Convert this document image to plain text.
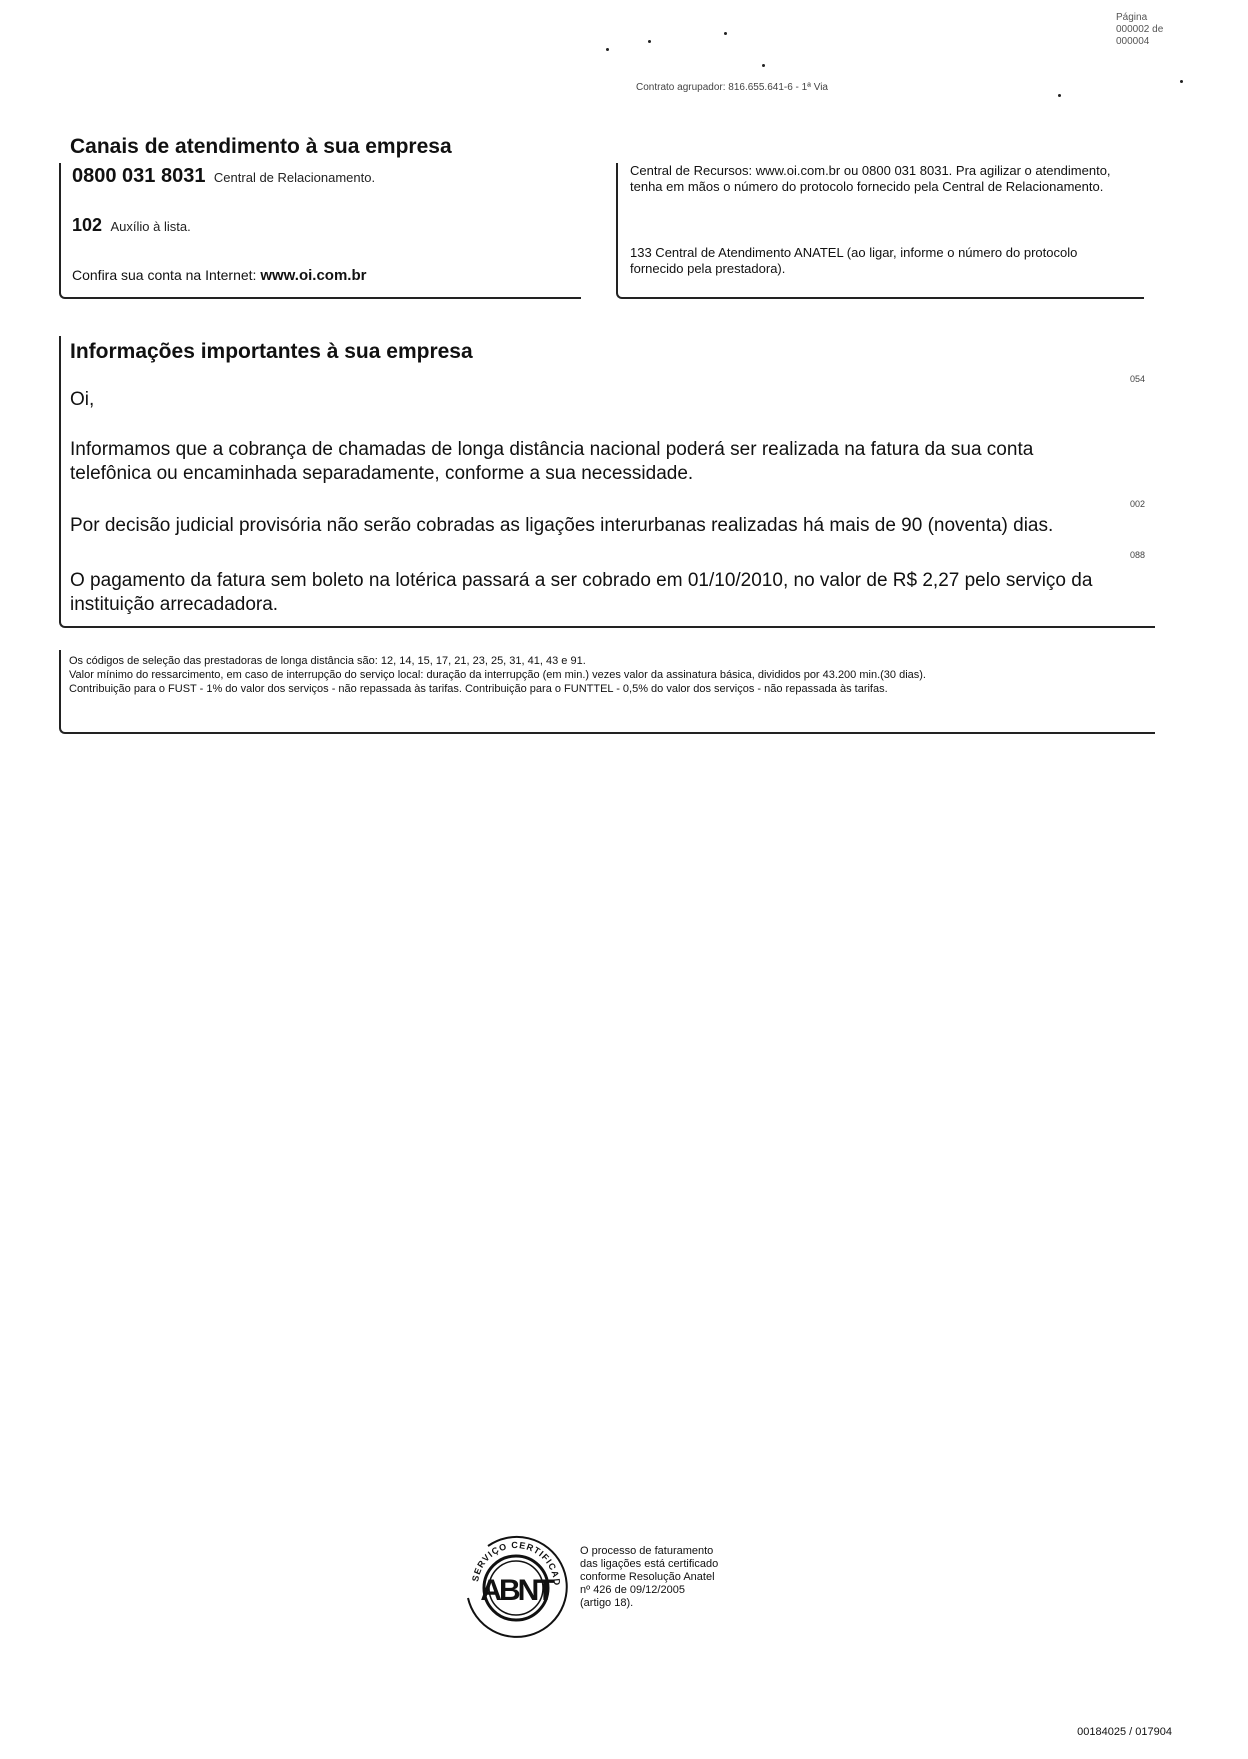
Página
000002 de
000004
Contrato agrupador: 816.655.641-6 - 1ª Via
Canais de atendimento à sua empresa
0800 031 8031 Central de Relacionamento.
102 Auxílio à lista.
Confira sua conta na Internet: www.oi.com.br

Central de Recursos: www.oi.com.br ou 0800 031 8031. Pra agilizar o atendimento, tenha em mãos o número do protocolo fornecido pela Central de Relacionamento.

133 Central de Atendimento ANATEL (ao ligar, informe o número do protocolo fornecido pela prestadora).

Informações importantes à sua empresa
054
Oi,
Informamos que a cobrança de chamadas de longa distância nacional poderá ser realizada na fatura da sua conta telefônica ou encaminhada separadamente, conforme a sua necessidade.
002
Por decisão judicial provisória não serão cobradas as ligações interurbanas realizadas há mais de 90 (noventa) dias.
088
O pagamento da fatura sem boleto na lotérica passará a ser cobrado em 01/10/2010, no valor de R$ 2,27 pelo serviço da instituição arrecadadora.

Os códigos de seleção das prestadoras de longa distância são: 12, 14, 15, 17, 21, 23, 25, 31, 41, 43 e 91.

Valor mínimo do ressarcimento, em caso de interrupção do serviço local: duração da interrupção (em min.) vezes valor da assinatura básica, divididos por 43.200 min.(30 dias).

Contribuição para o FUST - 1% do valor dos serviços - não repassada às tarifas. Contribuição para o FUNTTEL - 0,5% do valor dos serviços - não repassada às tarifas.

ABNT
SERVIÇO CERTIFICAD
O processo de faturamento
das ligações está certificado
conforme Resolução Anatel
nº 426 de 09/12/2005
(artigo 18).
00184025 / 017904
